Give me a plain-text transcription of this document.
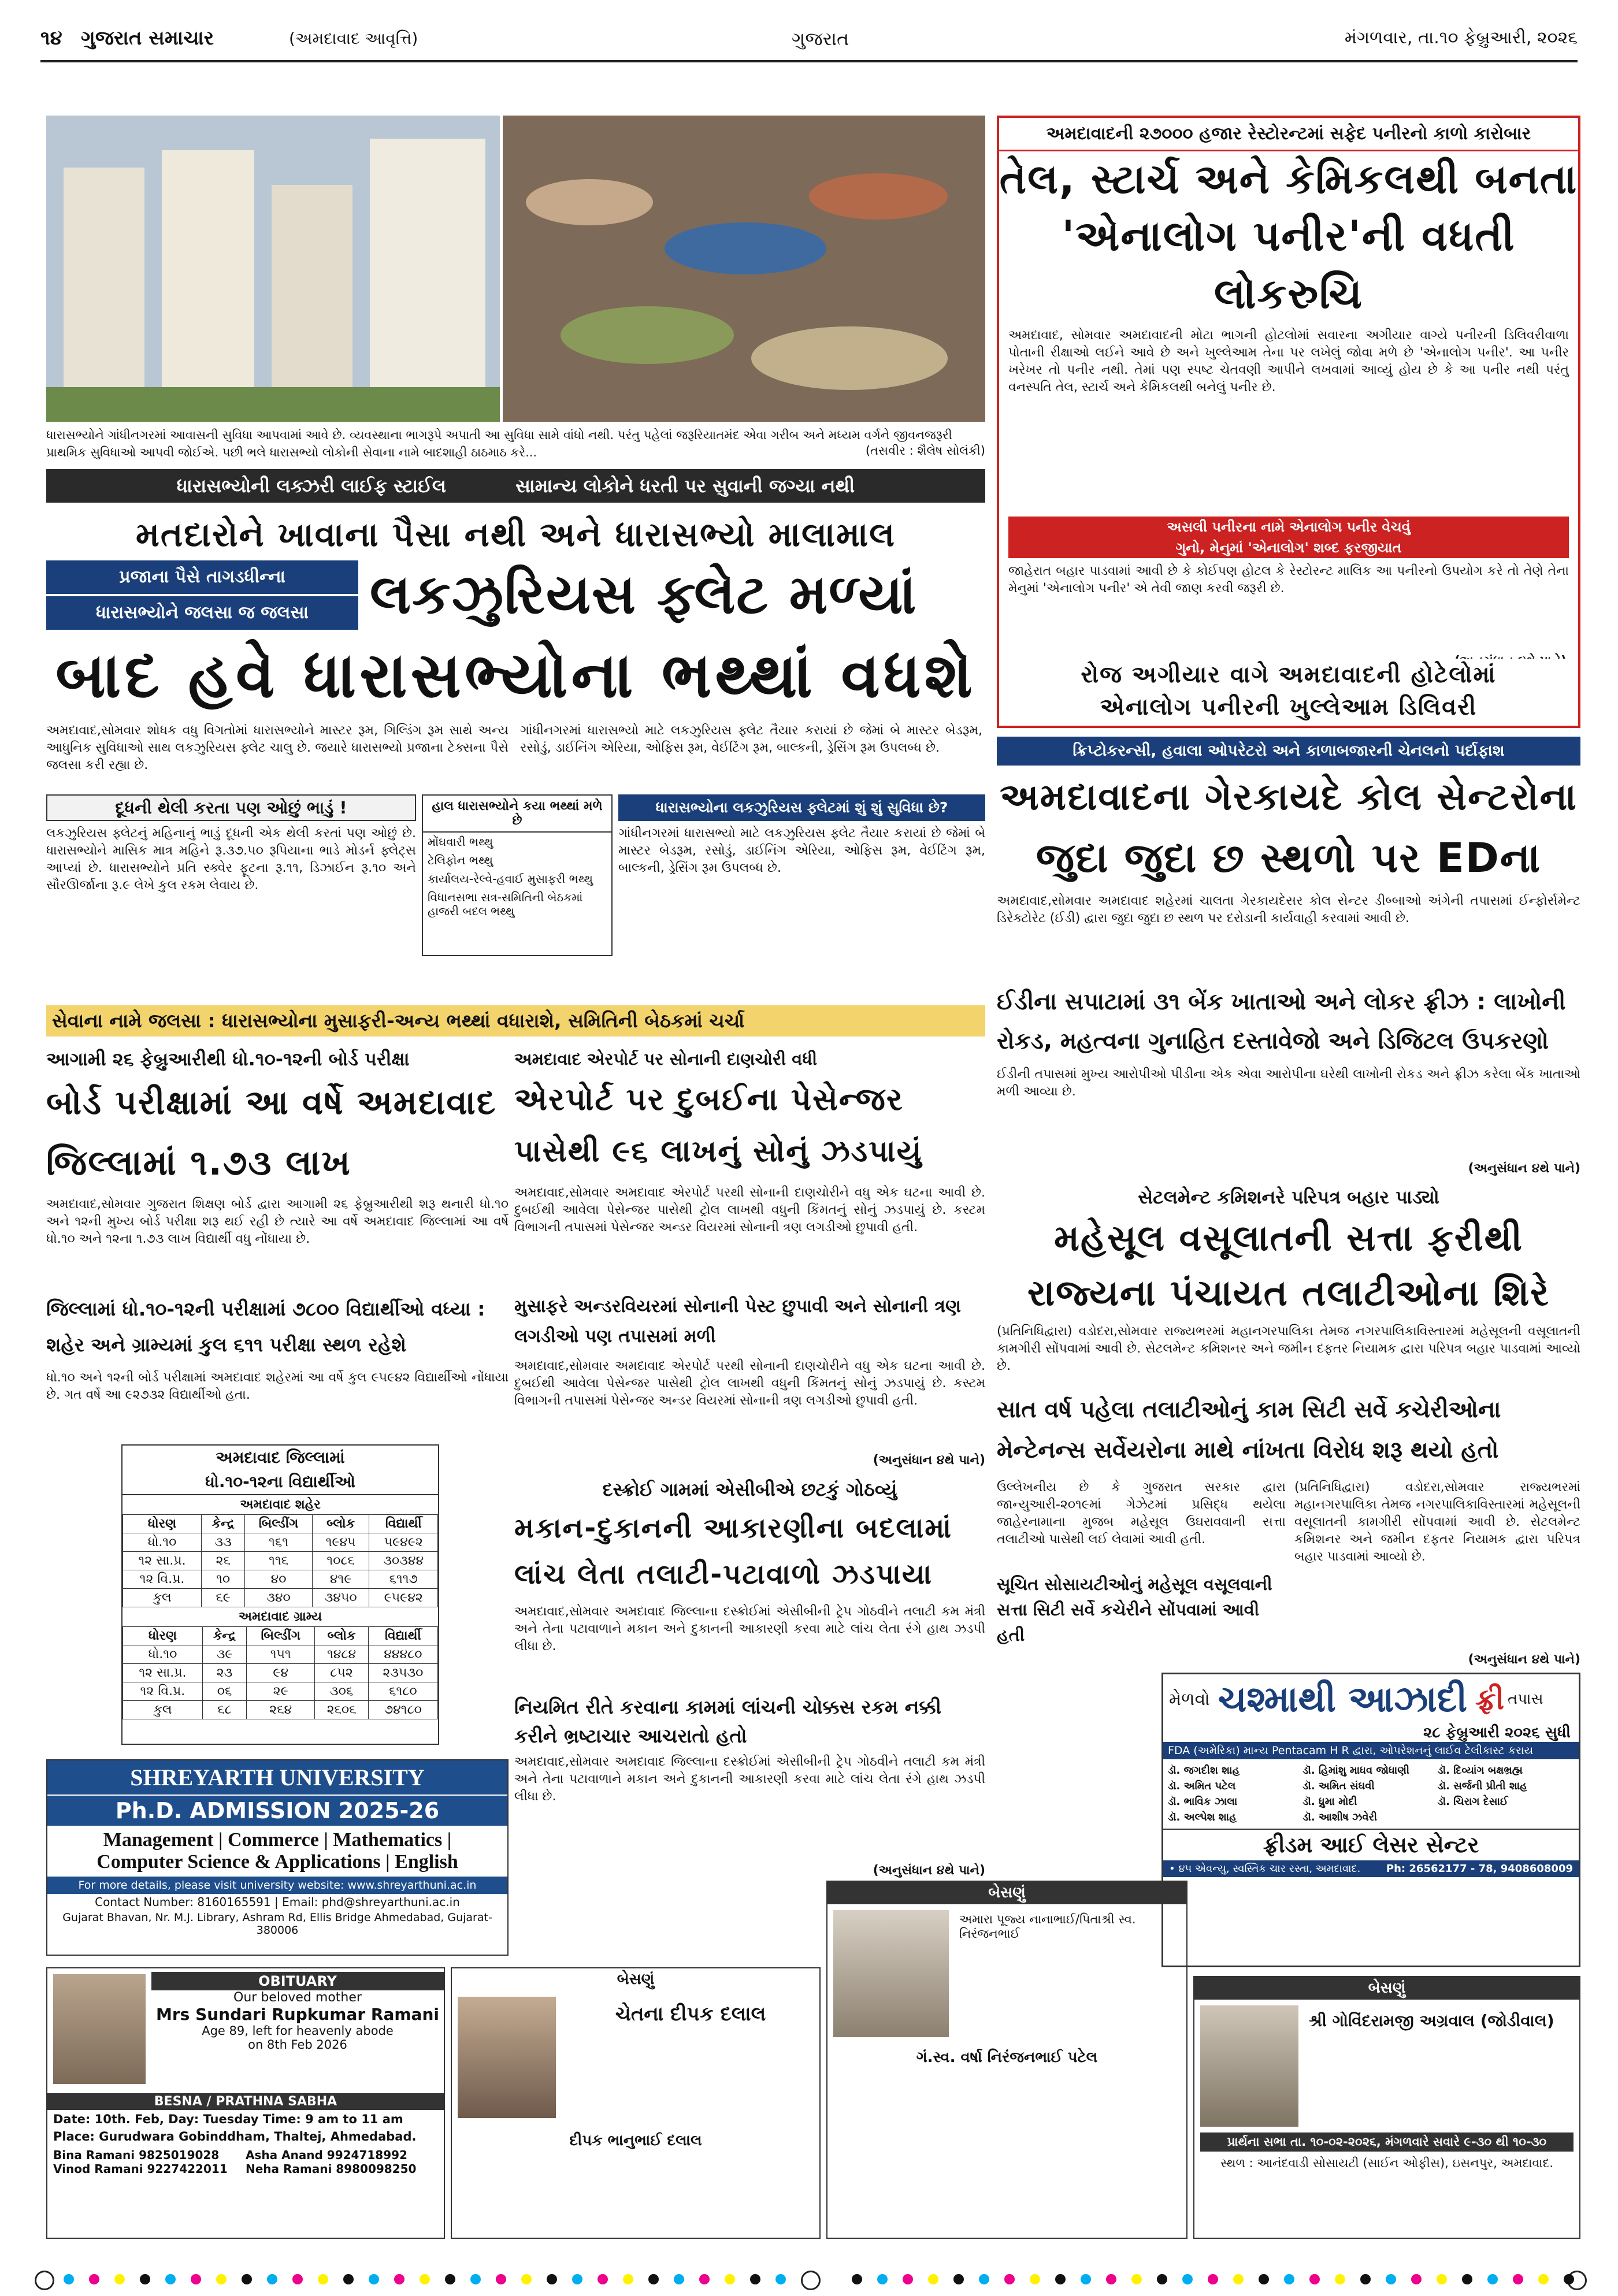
૧૪ ગુજરાત સમાચાર	(અમદાવાદ આવૃત્તિ)	ગુજરાત	મંગળવાર, તા.૧૦ ફેબ્રુઆરી, ૨૦૨૬
ધારાસભ્યોને ગાંધીનગરમાં આવાસની સુવિધા આપવામાં આવે છે. વ્યવસ્થાના ભાગરૂપે અપાતી આ સુવિધા સામે વાંધો નથી. પરંતુ પહેલાં જરૂરિયાતમંદ એવા ગરીબ અને મધ્યમ વર્ગને જીવનજરૂરી પ્રાથમિક સુવિધાઓ આપવી જોઈએ. પછી ભલે ધારાસભ્યો લોકોની સેવાના નામે બાદશાહી ઠાઠમાઠ કરે...	(તસવીર : શૈલેષ સોલંકી)
ધારાસભ્યોની લક્ઝરી લાઈફ સ્ટાઈલ	સામાન્ય લોકોને ધરતી પર સુવાની જગ્યા નથી
મતદારોને ખાવાના પૈસા નથી અને ધારાસભ્યો માલામાલ
પ્રજાના પૈસે તાગડધીન્ના
ધારાસભ્યોને જલસા જ જલસા	લકઝુરિયસ ફ્લેટ મળ્યાં
બાદ હવે ધારાસભ્યોના ભથ્થાં વધશે
અમદાવાદ,સોમવાર શોધક વધુ વિગતોમાં ધારાસભ્યોને માસ્ટર રૂમ, ગિલ્ડિંગ રૂમ સાથે અન્ય આધુનિક સુવિધાઓ સાથ લકઝુરિયસ ફ્લેટ ચાલુ છે. જયારે ધારાસભ્યો પ્રજાના ટેક્સના પૈસે જલસા કરી રહ્યા છે.
ગાંધીનગરમાં ધારાસભ્યો માટે લકઝુરિયસ ફ્લેટ તૈયાર કરાયાં છે જેમાં બે માસ્ટર બેડરૂમ, રસોડું, ડાઈનિંગ એરિયા, ઓફિસ રૂમ, વેઈટિંગ રૂમ, બાલ્કની, ડ્રેસિંગ રૂમ ઉપલબ્ધ છે.
દૂધની થેલી કરતા પણ ઓછું ભાડું !
લકઝુરિયસ ફ્લેટનું મહિનાનું ભાડું દૂધની એક થેલી કરતાં પણ ઓછું છે. ધારાસભ્યોને માસિક માત્ર મહિને રૂ.૩૭.૫૦ રૂપિયાના ભાડે મોડર્ન ફ્લેટ્સ આપ્યાં છે. ધારાસભ્યોને પ્રતિ સ્ક્વેર ફૂટના રૂ.૧૧, ડિઝાઈન રૂ.૧૦ અને સૌરઊર્જાના રૂ.૯ લેખે કુલ રકમ લેવાય છે.
હાલ ધારાસભ્યોને કયા ભથ્થાં મળે છે
મોંઘવારી ભથ્થુ
ટેલિફોન ભથ્થુ
કાર્યાલય-રેલ્વે-હવાઈ મુસાફરી ભથ્થુ
વિધાનસભા સત્ર-સમિતિની બેઠકમાં હાજરી બદલ ભથ્થુ
ધારાસભ્યોના લકઝુરિયસ ફ્લેટમાં શું શું સુવિધા છે?
ગાંધીનગરમાં ધારાસભ્યો માટે લકઝુરિયસ ફ્લેટ તૈયાર કરાયાં છે જેમાં બે માસ્ટર બેડરૂમ, રસોડું, ડાઈનિંગ એરિયા, ઓફિસ રૂમ, વેઈટિંગ રૂમ, બાલ્કની, ડ્રેસિંગ રૂમ ઉપલબ્ધ છે.
સેવાના નામે જલસા : ધારાસભ્યોના મુસાફરી-અન્ય ભથ્થાં વધારાશે, સમિતિની બેઠકમાં ચર્ચા
અમદાવાદની ૨૭૦૦૦ હજાર રેસ્ટોરન્ટમાં સફેદ પનીરનો કાળો કારોબાર
તેલ, સ્ટાર્ચ અને કેમિકલથી બનતા
'એનાલોગ પનીર'ની વધતી લોકરુચિ
અમદાવાદ, સોમવાર અમદાવાદની મોટા ભાગની હોટલોમાં સવારના અગીયાર વાગ્યે પનીરની ડિલિવરીવાળા પોતાની રીક્ષાઓ લઈને આવે છે અને ખુલ્લેઆમ તેના પર લખેલું જોવા મળે છે 'એનાલોગ પનીર'. આ પનીર ખરેખર તો પનીર નથી. તેમાં પણ સ્પષ્ટ ચેતવણી આપીને લખવામાં આવ્યું હોય છે કે આ પનીર નથી પરંતુ વનસ્પતિ તેલ, સ્ટાર્ચ અને કેમિકલથી બનેલું પનીર છે.
અસલી પનીરના નામે એનાલોગ પનીર વેચવું
ગુનો, મેનુમાં 'એનાલોગ' શબ્દ ફરજીયાત
જાહેરાત બહાર પાડવામાં આવી છે કે કોઈપણ હોટલ કે રેસ્ટોરન્ટ માલિક આ પનીરનો ઉપયોગ કરે તો તેણે તેના મેનુમાં 'એનાલોગ પનીર' એ તેવી જાણ કરવી જરૂરી છે.
રોજ અગીયાર વાગે અમદાવાદની હોટેલોમાં
એનાલોગ પનીરની ખુલ્લેઆમ ડિલિવરી
ક્રિપ્ટોકરન્સી, હવાલા ઓપરેટરો અને કાળાબજારની ચેનલનો પર્દાફાશ
અમદાવાદના ગેરકાયદે કોલ સેન્ટરોના
જુદા જુદા છ સ્થળો પર EDના
અમદાવાદ,સોમવાર અમદાવાદ શહેરમાં ચાલતા ગેરકાયદેસર કોલ સેન્ટર ડીબ્બાઓ અંગેની તપાસમાં ઈન્ફોર્સમેન્ટ ડિરેક્ટોરેટ (ઈડી) દ્વારા જુદા જુદા છ સ્થળ પર દરોડાની કાર્યવાહી કરવામાં આવી છે.
ઈડીના સપાટામાં ૩૧ બેંક ખાતાઓ અને લોકર ફ્રીઝ : લાખોની રોકડ, મહત્વના ગુનાહિત દસ્તાવેજો અને ડિજિટલ ઉપકરણો
ઈડીની તપાસમાં મુખ્ય આરોપીઓ પીડીના એક એવા આરોપીના ઘરેથી લાખોની રોકડ અને ફ્રીઝ કરેલા બેંક ખાતાઓ મળી આવ્યા છે.
(અનુસંધાન ૪થે પાને)
સેટલમેન્ટ કમિશનરે પરિપત્ર બહાર પાડ્યો
મહેસૂલ વસૂલાતની સત્તા ફરીથી
રાજ્યના પંચાયત તલાટીઓના શિરે
(પ્રતિનિધિદ્વારા) વડોદરા,સોમવાર રાજ્યભરમાં મહાનગરપાલિકા તેમજ નગરપાલિકાવિસ્તારમાં મહેસૂલની વસૂલાતની કામગીરી સોંપવામાં આવી છે. સેટલમેન્ટ કમિશનર અને જમીન દફતર નિયામક દ્વારા પરિપત્ર બહાર પાડવામાં આવ્યો છે.
સાત વર્ષ પહેલા તલાટીઓનું કામ સિટી સર્વે કચેરીઓના મેન્ટેનન્સ સર્વેયરોના માથે નાંખતા વિરોધ શરૂ થયો હતો
ઉલ્લેખનીય છે કે ગુજરાત સરકાર દ્વારા જાન્યુઆરી-૨૦૧૯માં ગેઝેટમાં પ્રસિદ્ધ થયેલા જાહેરનામાના મુજબ મહેસૂલ ઉઘરાવવાની સત્તા તલાટીઓ પાસેથી લઈ લેવામાં આવી હતી.
સૂચિત સોસાયટીઓનું મહેસૂલ વસૂલવાની સત્તા સિટી સર્વે કચેરીને સોંપવામાં આવી હતી
(પ્રતિનિધિદ્વારા) વડોદરા,સોમવાર રાજ્યભરમાં મહાનગરપાલિકા તેમજ નગરપાલિકાવિસ્તારમાં મહેસૂલની વસૂલાતની કામગીરી સોંપવામાં આવી છે. સેટલમેન્ટ કમિશનર અને જમીન દફતર નિયામક દ્વારા પરિપત્ર બહાર પાડવામાં આવ્યો છે.
(અનુસંધાન ૪થે પાને)
આગામી ૨૬ ફેબ્રુઆરીથી ધો.૧૦-૧૨ની બોર્ડ પરીક્ષા
બોર્ડ પરીક્ષામાં આ વર્ષે અમદાવાદ
જિલ્લામાં ૧.૭૩ લાખ
અમદાવાદ,સોમવાર ગુજરાત શિક્ષણ બોર્ડ દ્વારા આગામી ૨૬ ફેબ્રુઆરીથી શરૂ થનારી ધો.૧૦ અને ૧૨ની મુખ્ય બોર્ડ પરીક્ષા શરૂ થઈ રહી છે ત્યારે આ વર્ષે અમદાવાદ જિલ્લામાં આ વર્ષે ધો.૧૦ અને ૧૨ના ૧.૭૩ લાખ વિદ્યાર્થી વધુ નોંધાયા છે.
જિલ્લામાં ધો.૧૦-૧૨ની પરીક્ષામાં ૭૮૦૦ વિદ્યાર્થીઓ વધ્યા : શહેર અને ગ્રામ્યમાં કુલ ૬૧૧ પરીક્ષા સ્થળ રહેશે
ધો.૧૦ અને ૧૨ની બોર્ડ પરીક્ષામાં અમદાવાદ શહેરમાં આ વર્ષે કુલ ૯૫૯૪૨ વિદ્યાર્થીઓ નોંધાયા છે. ગત વર્ષે આ ૯૨૭૩૨ વિદ્યાર્થીઓ હતા.
અમદાવાદ જિલ્લામાં
ધો.૧૦-૧૨ના વિદ્યાર્થીઓ
અમદાવાદ શહેર
ધોરણ	કેન્દ્ર	બિલ્ડીંગ	બ્લોક	વિદ્યાર્થી
ધો.૧૦	૩૩	૧૬૧	૧૯૪૫	૫૯૪૯૨
૧૨ સા.પ્ર.	૨૬	૧૧૬	૧૦૮૬	૩૦૩૪૪
૧૨ વિ.પ્ર.	૧૦	૪૦	૪૧૯	૬૧૧૭
કુલ	૬૯	૩૪૦	૩૪૫૦	૯૫૯૪૨
અમદાવાદ ગ્રામ્ય
ધોરણ	કેન્દ્ર	બિલ્ડીંગ	બ્લોક	વિદ્યાર્થી
ધો.૧૦	૩૯	૧૫૧	૧૪૮૪	૪૪૪૮૦
૧૨ સા.પ્ર.	૨૩	૯૪	૮૫૨	૨૩૫૩૦
૧૨ વિ.પ્ર.	૦૬	૨૯	૩૦૬	૬૧૮૦
કુલ	૬૮	૨૬૪	૨૬૦૬	૭૪૧૮૦
અમદાવાદ એરપોર્ટ પર સોનાની દાણચોરી વધી
એરપોર્ટ પર દુબઈના પેસેન્જર
પાસેથી ૯૬ લાખનું સોનું ઝડપાયું
અમદાવાદ,સોમવાર અમદાવાદ એરપોર્ટ પરથી સોનાની દાણચોરીને વધુ એક ઘટના આવી છે. દુબઈથી આવેલા પેસેન્જર પાસેથી ટ્રોલ લાખથી વધુની કિંમતનું સોનું ઝડપાયું છે. કસ્ટમ વિભાગની તપાસમાં પેસેન્જર અન્ડર વિયરમાં સોનાની ત્રણ લગડીઓ છુપાવી હતી.
મુસાફરે અન્ડરવિયરમાં સોનાની પેસ્ટ છુપાવી અને સોનાની ત્રણ લગડીઓ પણ તપાસમાં મળી
અમદાવાદ,સોમવાર અમદાવાદ એરપોર્ટ પરથી સોનાની દાણચોરીને વધુ એક ઘટના આવી છે. દુબઈથી આવેલા પેસેન્જર પાસેથી ટ્રોલ લાખથી વધુની કિંમતનું સોનું ઝડપાયું છે. કસ્ટમ વિભાગની તપાસમાં પેસેન્જર અન્ડર વિયરમાં સોનાની ત્રણ લગડીઓ છુપાવી હતી.
(અનુસંધાન ૪થે પાને)
દસ્ક્રોઈ ગામમાં એસીબીએ છટકું ગોઠવ્યું
મકાન-દુકાનની આકારણીના બદલામાં
લાંચ લેતા તલાટી-પટાવાળો ઝડપાયા
અમદાવાદ,સોમવાર અમદાવાદ જિલ્લાના દસ્ક્રોઈમાં એસીબીની ટ્રેપ ગોઠવીને તલાટી કમ મંત્રી અને તેના પટાવાળાને મકાન અને દુકાનની આકારણી કરવા માટે લાંચ લેતા રંગે હાથ ઝડપી લીધા છે.
નિયમિત રીતે કરવાના કામમાં લાંચની ચોક્કસ રકમ નક્કી કરીને ભ્રષ્ટાચાર આચરાતો હતો
અમદાવાદ,સોમવાર અમદાવાદ જિલ્લાના દસ્ક્રોઈમાં એસીબીની ટ્રેપ ગોઠવીને તલાટી કમ મંત્રી અને તેના પટાવાળાને મકાન અને દુકાનની આકારણી કરવા માટે લાંચ લેતા રંગે હાથ ઝડપી લીધા છે.
(અનુસંધાન ૪થે પાને)
SHREYARTH UNIVERSITY
Ph.D. ADMISSION 2025-26
Management | Commerce | Mathematics |
Computer Science & Applications | English
For more details, please visit university website: www.shreyarthuni.ac.in
Contact Number: 8160165591 | Email: phd@shreyarthuni.ac.in
Gujarat Bhavan, Nr. M.J. Library, Ashram Rd, Ellis Bridge Ahmedabad, Gujarat-380006
મેળવો ચશ્માથી આઝાદી ફ્રી તપાસ
૨૮ ફેબ્રુઆરી ૨૦૨૬ સુધી
FDA (અમેરિકા) માન્ય Pentacam H R દ્વારા, ઓપરેશનનું લાઈવ ટેલીકાસ્ટ કરાય
ડૉ. જગદીશ શાહ	ડૉ. હિમાંશુ માધવ જોધાણી	ડૉ. દિવ્યાંગ બક્ષભ્રહ્મ
ડૉ. અમિત પટેલ	ડૉ. અમિત સંઘવી	ડૉ. સર્જની પ્રીતી શાહ
ડૉ. ભાવિક ઝાલા	ડૉ. ધ્રુમા મોદી	ડૉ. ચિરાગ દેસાઈ
ડૉ. અલ્પેશ શાહ	ડૉ. આશીષ ઝવેરી
ફ્રીડમ આઈ લેસર સેન્ટર
• ૪૫ એવન્યુ, સ્વસ્તિક ચાર રસ્તા, અમદાવાદ. Ph: 26562177 - 78, 9408608009
OBITUARY
Our beloved mother
Mrs Sundari Rupkumar Ramani
Age 89, left for heavenly abode
on 8th Feb 2026
BESNA / PRATHNA SABHA
Date: 10th. Feb, Day: Tuesday Time: 9 am to 11 am
Place: Gurudwara Gobinddham, Thaltej, Ahmedabad.
Bina Ramani 9825019028	Asha Anand 9924718992
Vinod Ramani 9227422011	Neha Ramani 8980098250
બેસણું
ચેતના દીપક દલાલ
દીપક ભાનુભાઈ દલાલ
બેસણું
અમારા પૂજ્ય નાનાભાઈ/પિતાશ્રી સ્વ. નિરંજનભાઈ
ગં.સ્વ. વર્ષા નિરંજનભાઈ પટેલ
બેસણું
શ્રી ગોવિંદરામજી અગ્રવાલ (જોડીવાલ)
પ્રાર્થના સભા તા. ૧૦-૦૨-૨૦૨૬, મંગળવારે સવારે ૯-૩૦ થી ૧૦-૩૦
સ્થળ : આનંદવાડી સોસાયટી (સાઈન ઓફીસ), ઇસનપુર, અમદાવાદ.
